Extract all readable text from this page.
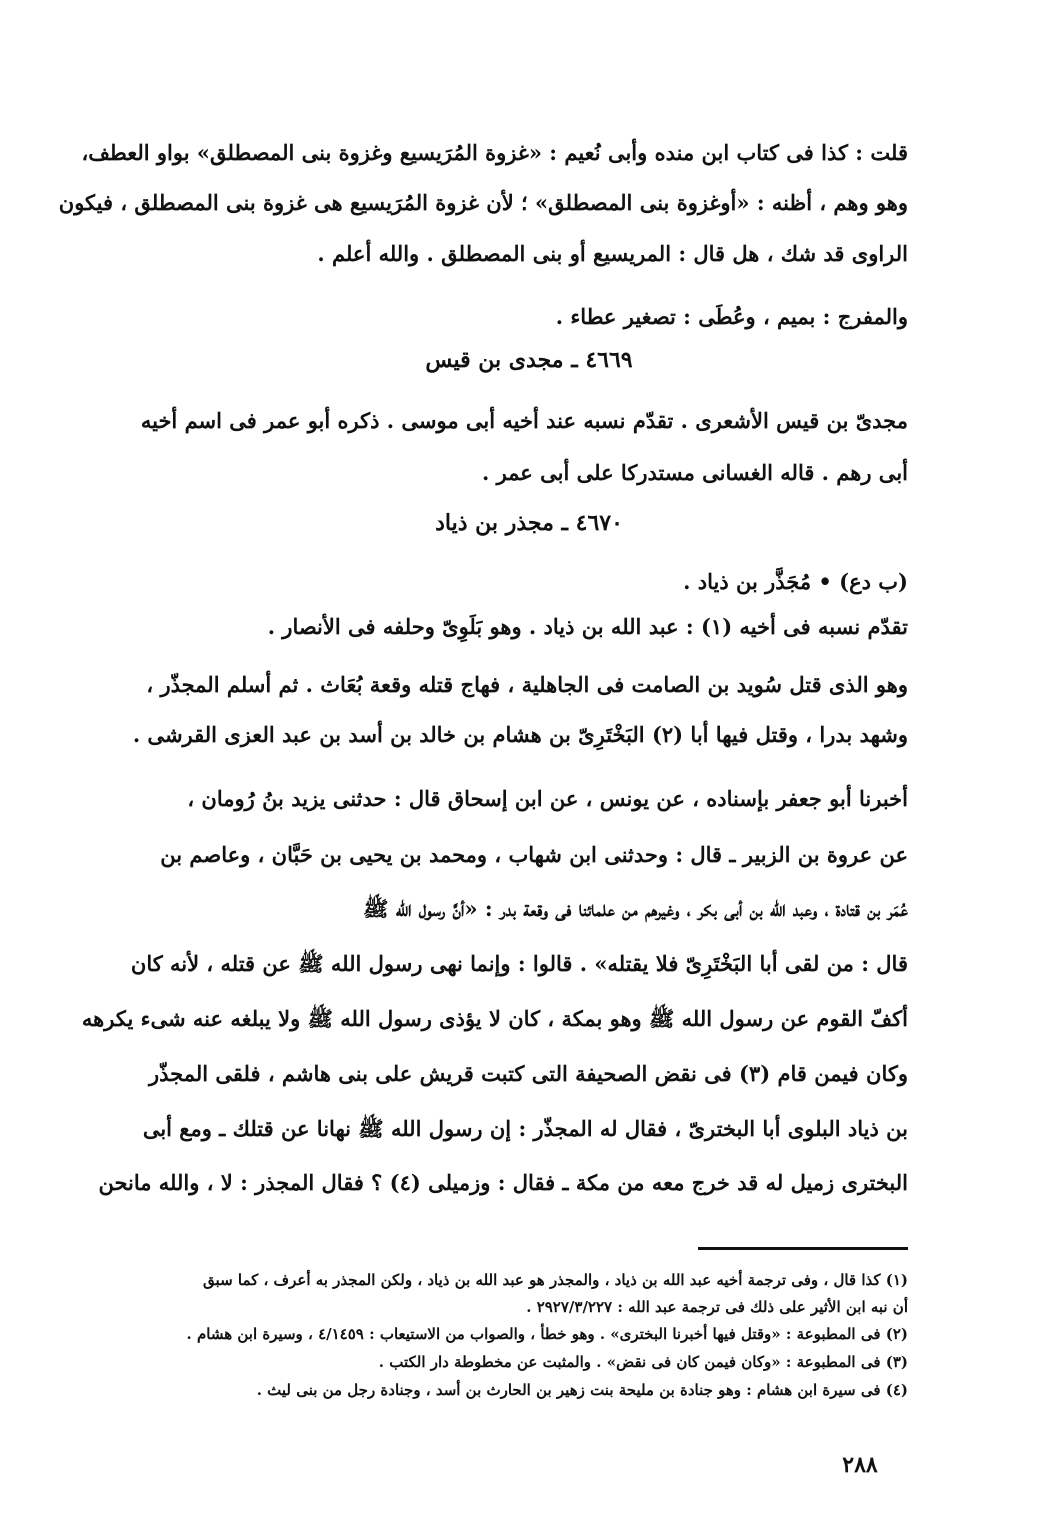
قلت : كذا فى كتاب ابن منده وأبى نُعيم : «غزوة المُرَيسيع وغزوة بنى المصطلق» بواو العطف،
وهو وهم ، أظنه : «أوغزوة بنى المصطلق» ؛ لأن غزوة المُرَيسيع هى غزوة بنى المصطلق ، فيكون
الراوى قد شك ، هل قال : المريسيع أو بنى المصطلق . والله أعلم .
والمفرج : بميم ، وعُطَى : تصغير عطاء .
٤٦٦٩ ـ مجدى بن قيس
مجدىّ بن قيس الأشعرى . تقدّم نسبه عند أخيه أبى موسى . ذكره أبو عمر فى اسم أخيه
أبى رهم . قاله الغسانى مستدركا على أبى عمر .
٤٦٧٠ ـ مجذر بن ذياد
(ب دع) • مُجَذَّر بن ذياد .
تقدّم نسبه فى أخيه (١) : عبد الله بن ذياد . وهو بَلَوِىّ وحلفه فى الأنصار .
وهو الذى قتل سُويد بن الصامت فى الجاهلية ، فهاج قتله وقعة بُعَاث . ثم أسلم المجذّر ،
وشهد بدرا ، وقتل فيها أبا (٢) البَخْتَرِىّ بن هشام بن خالد بن أسد بن عبد العزى القرشى .
أخبرنا أبو جعفر بإسناده ، عن يونس ، عن ابن إسحاق قال : حدثنى يزيد بنُ رُومان ،
عن عروة بن الزبير ـ قال : وحدثنى ابن شهاب ، ومحمد بن يحيى بن حَبَّان ، وعاصم بن
عُمَر بن قتادة ، وعبد الله بن أبى بكر ، وغيرهم من علمائنا فى وقعة بدر : «أنَّ رسول الله ﷺ
قال : من لقى أبا البَخْتَرِىّ فلا يقتله» . قالوا : وإنما نهى رسول الله ﷺ عن قتله ، لأنه كان
أكفّ القوم عن رسول الله ﷺ وهو بمكة ، كان لا يؤذى رسول الله ﷺ ولا يبلغه عنه شىء يكرهه
وكان فيمن قام (٣) فى نقض الصحيفة التى كتبت قريش على بنى هاشم ، فلقى المجذّر
بن ذياد البلوى أبا البخترىّ ، فقال له المجذّر : إن رسول الله ﷺ نهانا عن قتلك ـ ومع أبى
البخترى زميل له قد خرج معه من مكة ـ فقال : وزميلى (٤) ؟ فقال المجذر : لا ، والله مانحن
(١) كذا قال ، وفى ترجمة أخيه عبد الله بن ذياد ، والمجذر هو عبد الله بن ذياد ، ولكن المجذر به أعرف ، كما سبق
أن نبه ابن الأثير على ذلك فى ترجمة عبد الله : ٢٩٢٧/٣/٢٢٧ .
(٢) فى المطبوعة : «وقتل فيها أخبرنا البخترى» . وهو خطأ ، والصواب من الاستيعاب : ٤/١٤٥٩ ، وسيرة ابن هشام .
(٣) فى المطبوعة : «وكان فيمن كان فى نقض» . والمثبت عن مخطوطة دار الكتب .
(٤) فى سيرة ابن هشام : وهو جنادة بن مليحة بنت زهير بن الحارث بن أسد ، وجنادة رجل من بنى ليث .
٢٨٨
